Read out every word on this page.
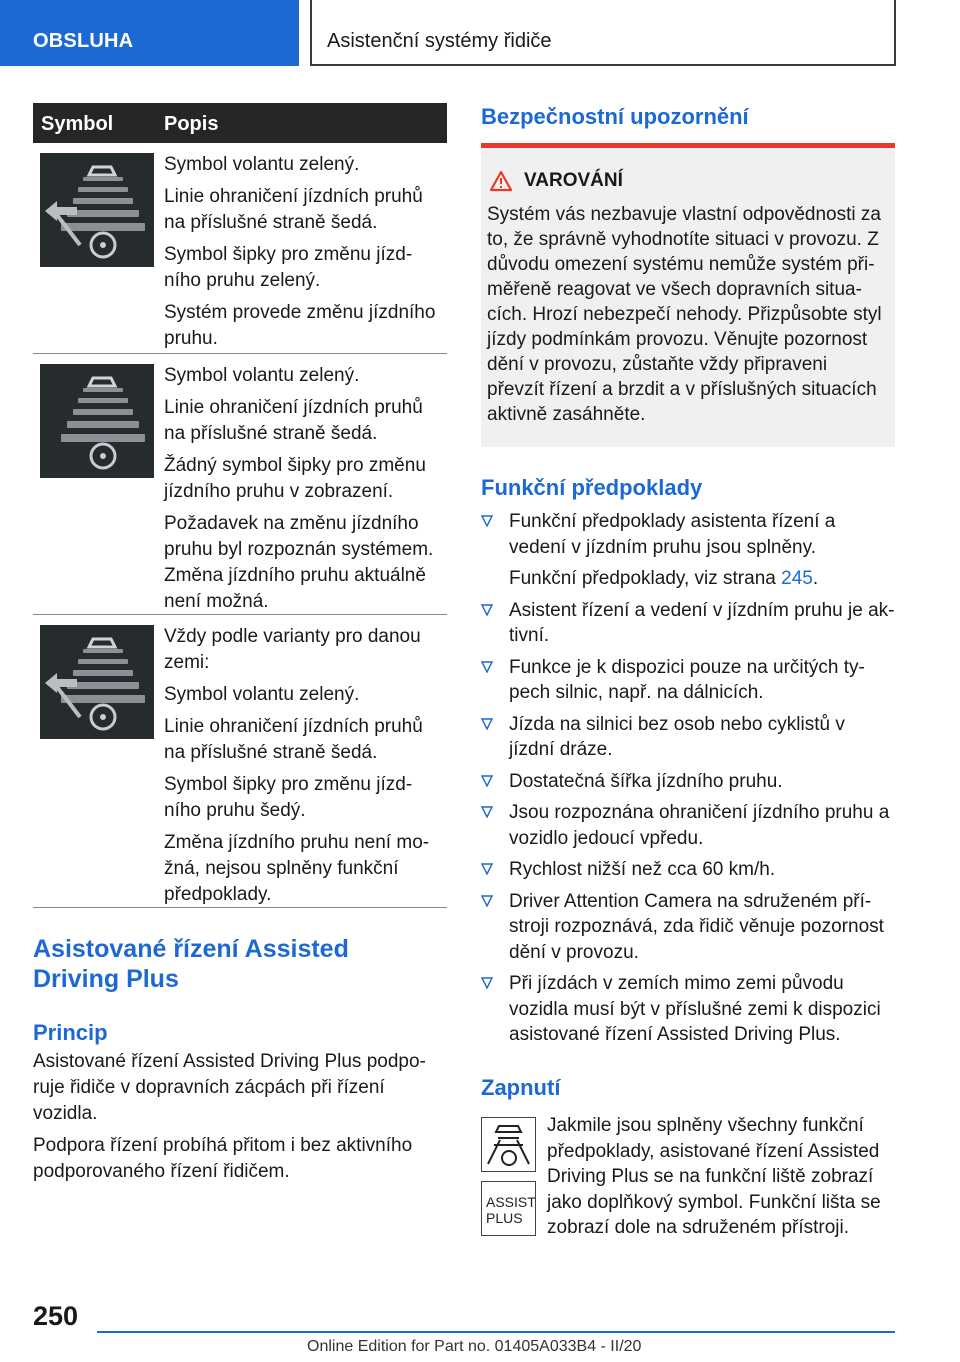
OBSLUHA	Asistenční systémy řidiče
Symbol	Popis

Symbol volantu zelený.

Linie ohraničení jízdních pruhů na příslušné straně šedá.

Symbol šipky pro změnu jízd-ního pruhu zelený.

Systém provede změnu jízdního pruhu.

Symbol volantu zelený.

Linie ohraničení jízdních pruhů na příslušné straně šedá.

Žádný symbol šipky pro změnu jízdního pruhu v zobrazení.

Požadavek na změnu jízdního pruhu byl rozpoznán systémem. Změna jízdního pruhu aktuálně není možná.

Vždy podle varianty pro danou zemi:

Symbol volantu zelený.

Linie ohraničení jízdních pruhů na příslušné straně šedá.

Symbol šipky pro změnu jízd-ního pruhu šedý.

Změna jízdního pruhu není mo-žná, nejsou splněny funkční předpoklady.

Asistované řízení Assisted Driving Plus
Princip

Asistované řízení Assisted Driving Plus podpo-ruje řidiče v dopravních zácpách při řízení vozidla.

Podpora řízení probíhá přitom i bez aktivního podporovaného řízení řidičem.

Bezpečnostní upozornění
VAROVÁNÍ
Systém vás nezbavuje vlastní odpovědnosti za to, že správně vyhodnotíte situaci v provozu. Z důvodu omezení systému nemůže systém při-měřeně reagovat ve všech dopravních situa-cích. Hrozí nebezpečí nehody. Přizpůsobte styl jízdy podmínkám provozu. Věnujte pozornost dění v provozu, zůstaňte vždy připraveni převzít řízení a brzdit a v příslušných situacích aktivně zasáhněte.
Funkční předpoklady
Funkční předpoklady asistenta řízení a vedení v jízdním pruhu jsou splněny.
Funkční předpoklady, viz strana 245.
Asistent řízení a vedení v jízdním pruhu je ak-tivní.
Funkce je k dispozici pouze na určitých ty-pech silnic, např. na dálnicích.
Jízda na silnici bez osob nebo cyklistů v jízdní dráze.
Dostatečná šířka jízdního pruhu.
Jsou rozpoznána ohraničení jízdního pruhu a vozidlo jedoucí vpředu.
Rychlost nižší než cca 60 km/h.
Driver Attention Camera na sdruženém pří-stroji rozpoznává, zda řidič věnuje pozornost dění v provozu.
Při jízdách v zemích mimo zemi původu vozidla musí být v příslušné zemi k dispozici asistované řízení Assisted Driving Plus.
Zapnutí
ASSIST
PLUS
Jakmile jsou splněny všechny funkční předpoklady, asistované řízení Assisted Driving Plus se na funkční liště zobrazí jako doplňkový symbol. Funkční lišta se zobrazí dole na sdruženém přístroji.
250
Online Edition for Part no. 01405A033B4 - II/20
